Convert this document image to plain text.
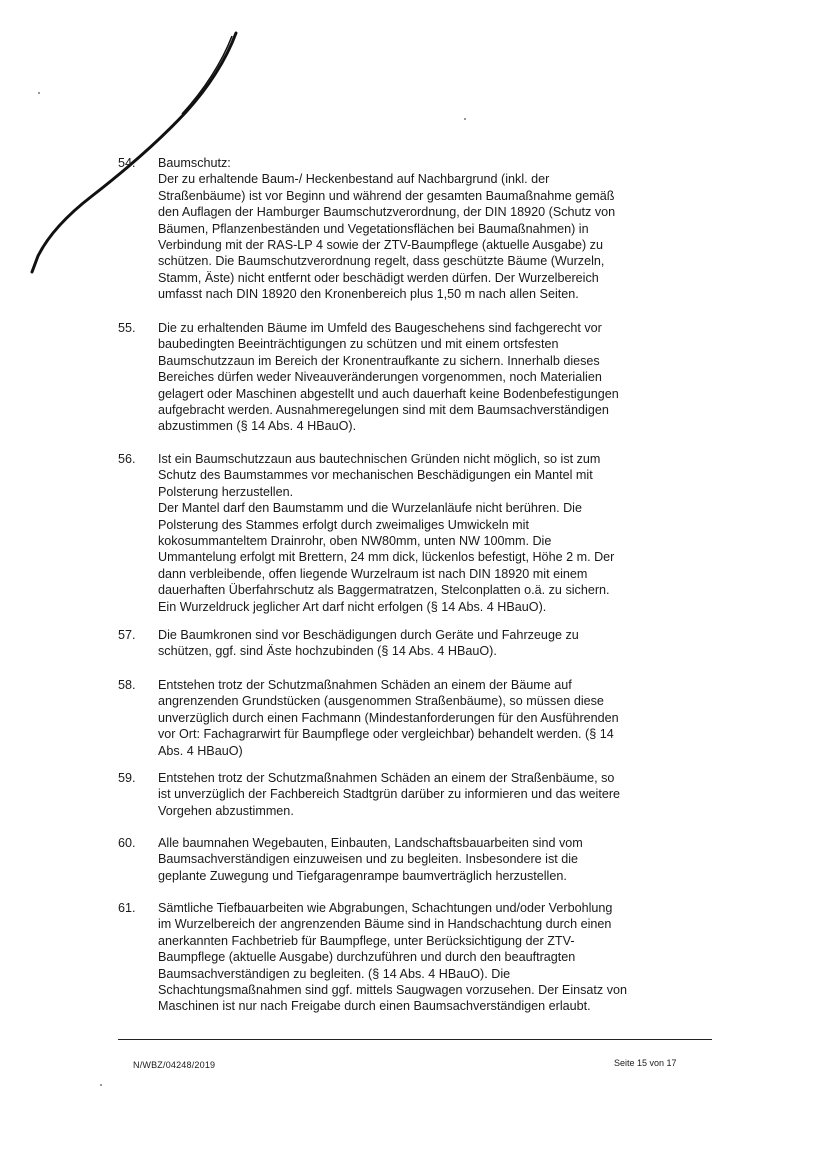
54.	Baumschutz:

Der zu erhaltende Baum-/ Heckenbestand auf Nachbargrund (inkl. der
Straßenbäume) ist vor Beginn und während der gesamten Baumaßnahme gemäß
den Auflagen der Hamburger Baumschutzverordnung, der DIN 18920 (Schutz von
Bäumen, Pflanzenbeständen und Vegetationsflächen bei Baumaßnahmen) in
Verbindung mit der RAS-LP 4 sowie der ZTV-Baumpflege (aktuelle Ausgabe) zu
schützen. Die Baumschutzverordnung regelt, dass geschützte Bäume (Wurzeln,
Stamm, Äste) nicht entfernt oder beschädigt werden dürfen. Der Wurzelbereich
umfasst nach DIN 18920 den Kronenbereich plus 1,50 m nach allen Seiten.

55.	Die zu erhaltenden Bäume im Umfeld des Baugeschehens sind fachgerecht vor
baubedingten Beeinträchtigungen zu schützen und mit einem ortsfesten
Baumschutzzaun im Bereich der Kronentraufkante zu sichern. Innerhalb dieses
Bereiches dürfen weder Niveauveränderungen vorgenommen, noch Materialien
gelagert oder Maschinen abgestellt und auch dauerhaft keine Bodenbefestigungen
aufgebracht werden. Ausnahmeregelungen sind mit dem Baumsachverständigen
abzustimmen (§ 14 Abs. 4 HBauO).

56.	Ist ein Baumschutzzaun aus bautechnischen Gründen nicht möglich, so ist zum
Schutz des Baumstammes vor mechanischen Beschädigungen ein Mantel mit
Polsterung herzustellen.

Der Mantel darf den Baumstamm und die Wurzelanläufe nicht berühren. Die
Polsterung des Stammes erfolgt durch zweimaliges Umwickeln mit
kokosummanteltem Drainrohr, oben NW80mm, unten NW 100mm. Die
Ummantelung erfolgt mit Brettern, 24 mm dick, lückenlos befestigt, Höhe 2 m. Der
dann verbleibende, offen liegende Wurzelraum ist nach DIN 18920 mit einem
dauerhaften Überfahrschutz als Baggermatratzen, Stelconplatten o.ä. zu sichern.
Ein Wurzeldruck jeglicher Art darf nicht erfolgen (§ 14 Abs. 4 HBauO).

57.	Die Baumkronen sind vor Beschädigungen durch Geräte und Fahrzeuge zu
schützen, ggf. sind Äste hochzubinden (§ 14 Abs. 4 HBauO).

58.	Entstehen trotz der Schutzmaßnahmen Schäden an einem der Bäume auf
angrenzenden Grundstücken (ausgenommen Straßenbäume), so müssen diese
unverzüglich durch einen Fachmann (Mindestanforderungen für den Ausführenden
vor Ort: Fachagrarwirt für Baumpflege oder vergleichbar) behandelt werden. (§ 14
Abs. 4 HBauO)

59.	Entstehen trotz der Schutzmaßnahmen Schäden an einem der Straßenbäume, so
ist unverzüglich der Fachbereich Stadtgrün darüber zu informieren und das weitere
Vorgehen abzustimmen.

60.	Alle baumnahen Wegebauten, Einbauten, Landschaftsbauarbeiten sind vom
Baumsachverständigen einzuweisen und zu begleiten. Insbesondere ist die
geplante Zuwegung und Tiefgaragenrampe baumverträglich herzustellen.

61.	Sämtliche Tiefbauarbeiten wie Abgrabungen, Schachtungen und/oder Verbohlung
im Wurzelbereich der angrenzenden Bäume sind in Handschachtung durch einen
anerkannten Fachbetrieb für Baumpflege, unter Berücksichtigung der ZTV-
Baumpflege (aktuelle Ausgabe) durchzuführen und durch den beauftragten
Baumsachverständigen zu begleiten. (§ 14 Abs. 4 HBauO). Die
Schachtungsmaßnahmen sind ggf. mittels Saugwagen vorzusehen. Der Einsatz von
Maschinen ist nur nach Freigabe durch einen Baumsachverständigen erlaubt.

N/WBZ/04248/2019	Seite 15 von 17
